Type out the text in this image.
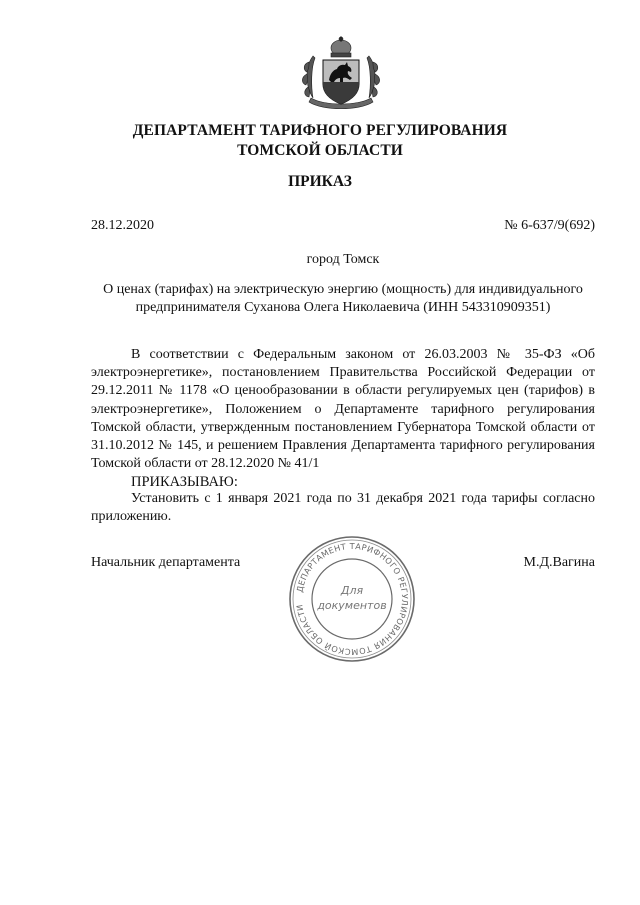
ДЕПАРТАМЕНТ ТАРИФНОГО РЕГУЛИРОВАНИЯ
ТОМСКОЙ ОБЛАСТИ
ПРИКАЗ
28.12.2020	№ 6-637/9(692)
город Томск
О ценах (тарифах) на электрическую энергию (мощность) для индивидуального
предпринимателя Суханова Олега Николаевича (ИНН 543310909351)
В соответствии с Федеральным законом от 26.03.2003 № 35-ФЗ «Об электроэнергетике», постановлением Правительства Российской Федерации от 29.12.2011 № 1178 «О ценообразовании в области регулируемых цен (тарифов) в электроэнергетике», Положением о Департаменте тарифного регулирования Томской области, утвержденным постановлением Губернатора Томской области от 31.10.2012 № 145, и решением Правления Департамента тарифного регулирования Томской области от 28.12.2020 № 41/1
ПРИКАЗЫВАЮ:
Установить с 1 января 2021 года по 31 декабря 2021 года тарифы согласно приложению.
Начальник департамента	М.Д.Вагина
ДЕПАРТАМЕНТ ТАРИФНОГО РЕГУЛИРОВАНИЯ ТОМСКОЙ ОБЛАСТИ
Для
документов
